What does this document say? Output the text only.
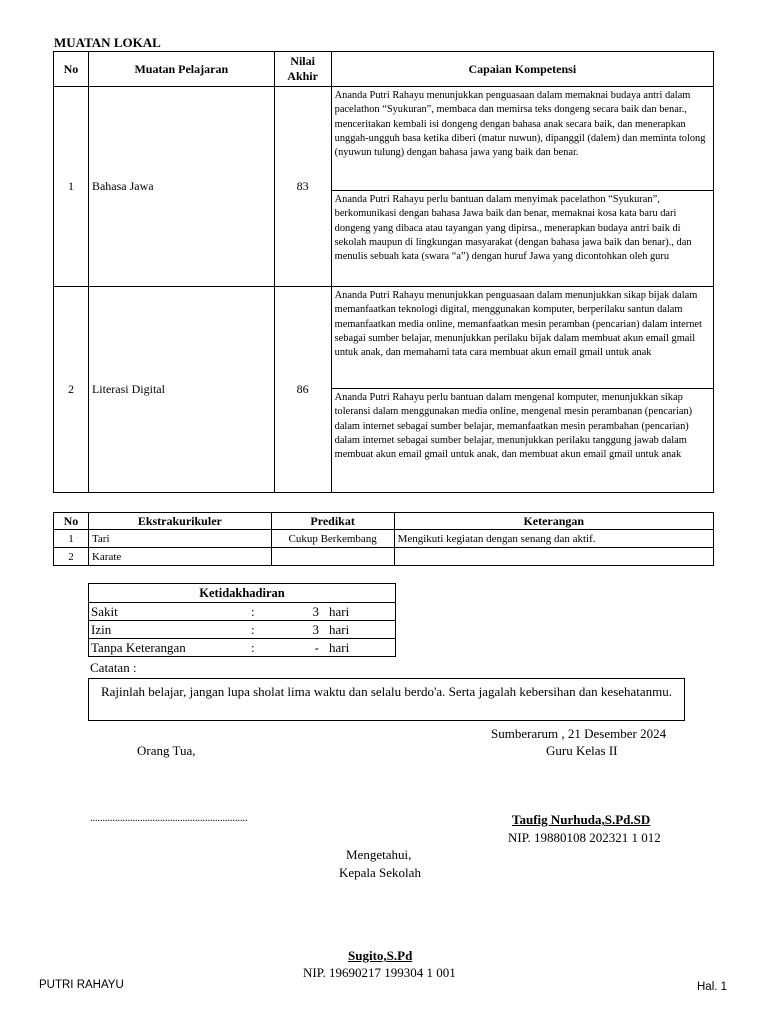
MUATAN LOKAL
No	Muatan Pelajaran	Nilai Akhir	Capaian Kompetensi
1	Bahasa Jawa	83	Ananda Putri Rahayu menunjukkan penguasaan dalam memaknai budaya antri dalam pacelathon “Syukuran”, membaca dan memirsa teks dongeng secara baik dan benar., menceritakan kembali isi dongeng dengan bahasa anak secara baik, dan menerapkan unggah-ungguh basa ketika diberi (matur nuwun), dipanggil (dalem) dan meminta tolong (nyuwun tulung) dengan bahasa jawa yang baik dan benar.
			Ananda Putri Rahayu perlu bantuan dalam menyimak pacelathon “Syukuran”, berkomunikasi dengan bahasa Jawa baik dan benar, memaknai kosa kata baru dari dongeng yang dibaca atau tayangan yang dipirsa., menerapkan budaya antri baik di sekolah maupun di lingkungan masyarakat (dengan bahasa jawa baik dan benar)., dan menulis sebuah kata (swara “a”) dengan huruf Jawa yang dicontohkan oleh guru
2	Literasi Digital	86	Ananda Putri Rahayu menunjukkan penguasaan dalam menunjukkan sikap bijak dalam memanfaatkan teknologi digital, menggunakan komputer, berperilaku santun dalam memanfaatkan media online, memanfaatkan mesin peramban (pencarian) dalam internet sebagai sumber belajar, menunjukkan perilaku bijak dalam membuat akun email gmail untuk anak, dan memahami tata cara membuat akun email gmail untuk anak
			Ananda Putri Rahayu perlu bantuan dalam mengenal komputer, menunjukkan sikap toleransi dalam menggunakan media online, mengenal mesin perambanan (pencarian) dalam internet sebagai sumber belajar, memanfaatkan mesin perambahan (pencarian) dalam internet sebagai sumber belajar, menunjukkan perilaku tanggung jawab dalam membuat akun email gmail untuk anak, dan membuat akun email gmail untuk anak
No	Ekstrakurikuler	Predikat	Keterangan
1	Tari	Cukup Berkembang	Mengikuti kegiatan dengan senang dan aktif.
2	Karate		
Ketidakhadiran			
Sakit	:	3	hari
Izin	:	3	hari
Tanpa Keterangan	:	-	hari
Catatan :
Rajinlah belajar, jangan lupa sholat lima waktu dan selalu berdo'a. Serta jagalah kebersihan dan kesehatanmu.
Sumberarum , 21 Desember 2024
Orang Tua,	Guru Kelas II
...............................................................	Taufig Nurhuda,S.Pd.SD
NIP. 19880108 202321 1 012
Mengetahui,
Kepala Sekolah
Sugito,S.Pd
NIP. 19690217 199304 1 001
PUTRI RAHAYU	Hal. 1
